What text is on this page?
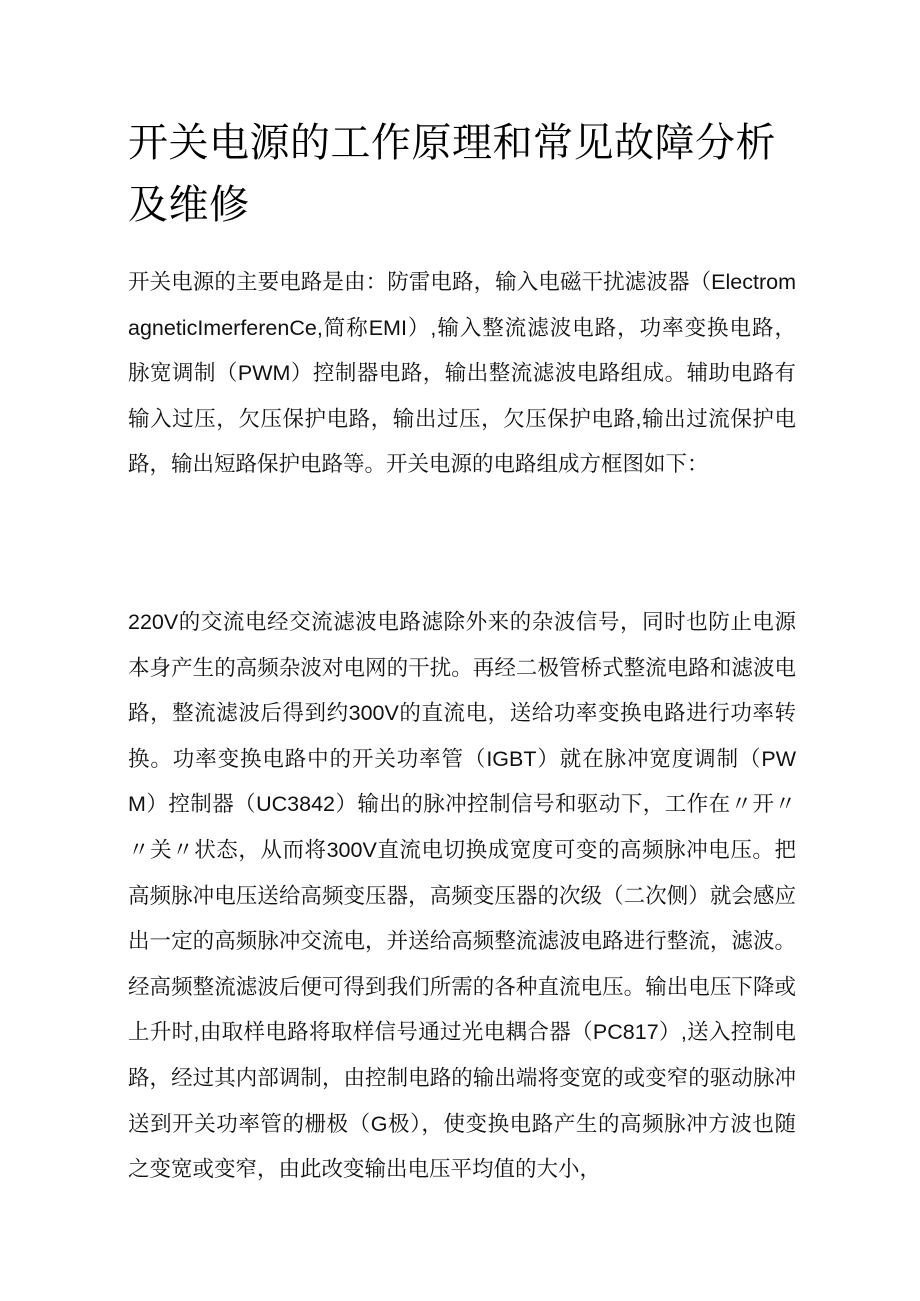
开关电源的工作原理和常见故障分析及维修

开关电源的主要电路是由：防雷电路，输入电磁干扰滤波器（ElectromagneticImerferenCe,简称EMI）,输入整流滤波电路，功率变换电路，脉宽调制（PWM）控制器电路，输出整流滤波电路组成。辅助电路有输入过压，欠压保护电路，输出过压，欠压保护电路,输出过流保护电路，输出短路保护电路等。开关电源的电路组成方框图如下：

220V的交流电经交流滤波电路滤除外来的杂波信号，同时也防止电源本身产生的高频杂波对电网的干扰。再经二极管桥式整流电路和滤波电路，整流滤波后得到约300V的直流电，送给功率变换电路进行功率转换。功率变换电路中的开关功率管（IGBT）就在脉冲宽度调制（PWM）控制器（UC3842）输出的脉冲控制信号和驱动下，工作在〃开〃〃关〃状态，从而将300V直流电切换成宽度可变的高频脉冲电压。把高频脉冲电压送给高频变压器，高频变压器的次级（二次侧）就会感应出一定的高频脉冲交流电，并送给高频整流滤波电路进行整流，滤波。经高频整流滤波后便可得到我们所需的各种直流电压。输出电压下降或上升时,由取样电路将取样信号通过光电耦合器（PC817）,送入控制电路，经过其内部调制，由控制电路的输出端将变宽的或变窄的驱动脉冲送到开关功率管的栅极（G极），使变换电路产生的高频脉冲方波也随之变宽或变窄，由此改变输出电压平均值的大小，
